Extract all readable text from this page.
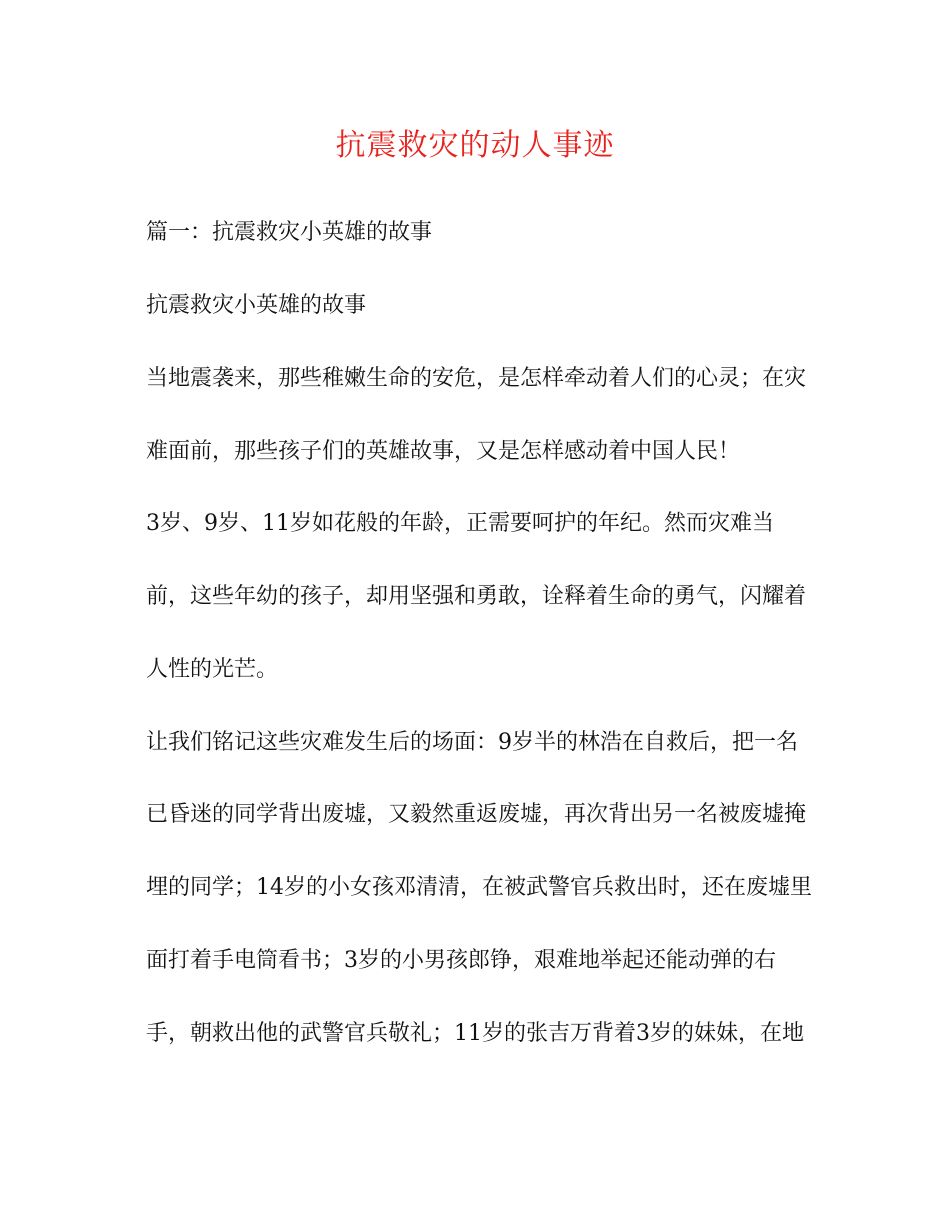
抗震救灾的动人事迹
篇一：抗震救灾小英雄的故事
抗震救灾小英雄的故事
当地震袭来，那些稚嫩生命的安危，是怎样牵动着人们的心灵；在灾
难面前，那些孩子们的英雄故事，又是怎样感动着中国人民！
3岁、9岁、11岁如花般的年龄，正需要呵护的年纪。然而灾难当
前，这些年幼的孩子，却用坚强和勇敢，诠释着生命的勇气，闪耀着
人性的光芒。
让我们铭记这些灾难发生后的场面：9岁半的林浩在自救后，把一名
已昏迷的同学背出废墟，又毅然重返废墟，再次背出另一名被废墟掩
埋的同学；14岁的小女孩邓清清，在被武警官兵救出时，还在废墟里
面打着手电筒看书；3岁的小男孩郎铮，艰难地举起还能动弹的右
手，朝救出他的武警官兵敬礼；11岁的张吉万背着3岁的妹妹，在地
